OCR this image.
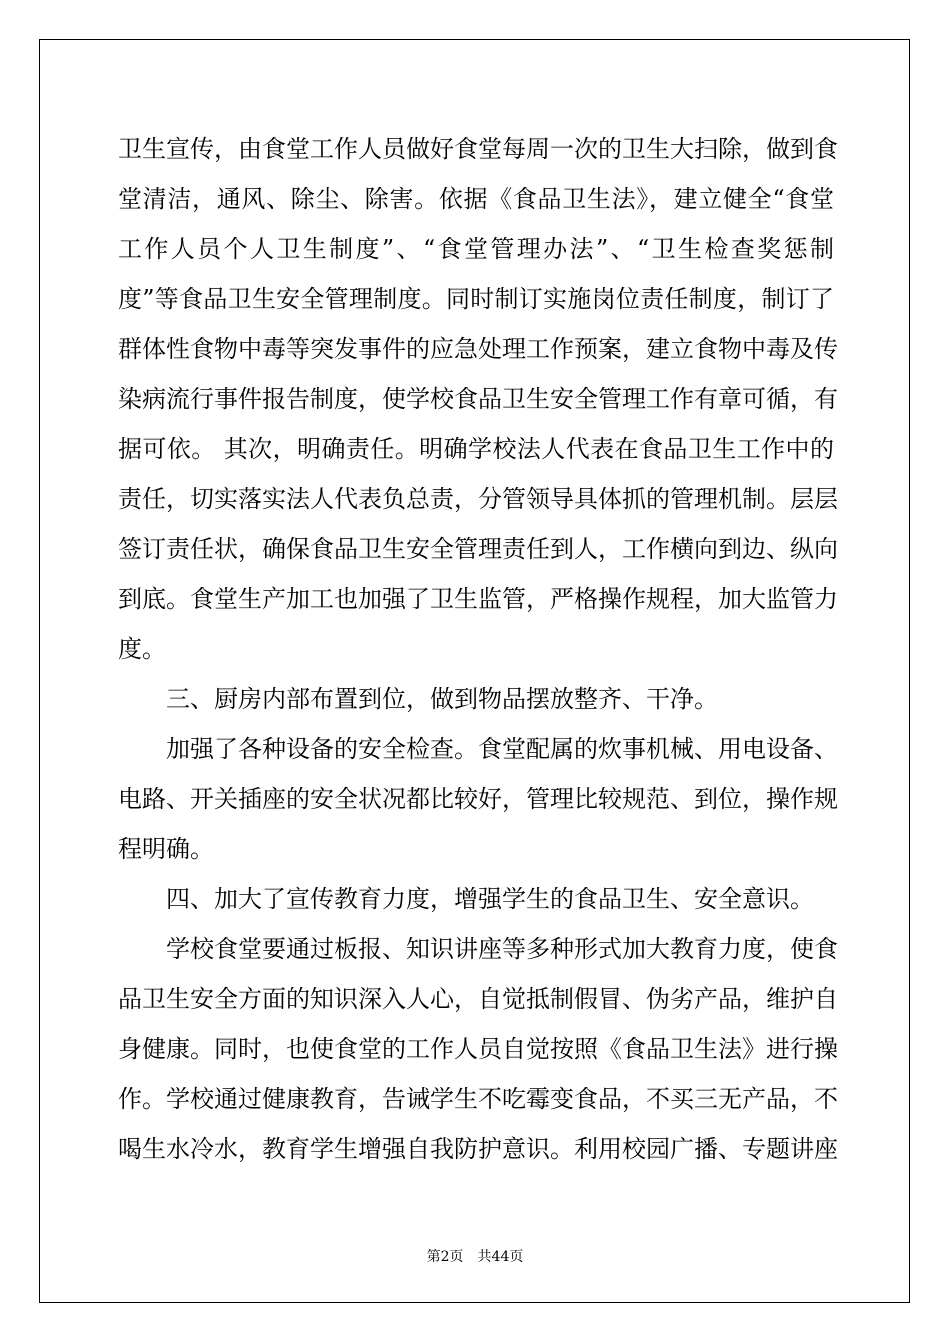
卫生宣传，由食堂工作人员做好食堂每周一次的卫生大扫除，做到食
堂清洁，通风、除尘、除害。依据《食品卫生法》，建立健全“食堂
工作人员个人卫生制度”、“食堂管理办法”、“卫生检查奖惩制
度”等食品卫生安全管理制度。同时制订实施岗位责任制度，制订了
群体性食物中毒等突发事件的应急处理工作预案，建立食物中毒及传
染病流行事件报告制度，使学校食品卫生安全管理工作有章可循，有
据可依。 其次，明确责任。明确学校法人代表在食品卫生工作中的
责任，切实落实法人代表负总责，分管领导具体抓的管理机制。层层
签订责任状，确保食品卫生安全管理责任到人，工作横向到边、纵向
到底。食堂生产加工也加强了卫生监管，严格操作规程，加大监管力
度。
三、厨房内部布置到位，做到物品摆放整齐、干净。
加强了各种设备的安全检查。食堂配属的炊事机械、用电设备、
电路、开关插座的安全状况都比较好，管理比较规范、到位，操作规
程明确。
四、加大了宣传教育力度，增强学生的食品卫生、安全意识。
学校食堂要通过板报、知识讲座等多种形式加大教育力度，使食
品卫生安全方面的知识深入人心，自觉抵制假冒、伪劣产品，维护自
身健康。同时，也使食堂的工作人员自觉按照《食品卫生法》进行操
作。学校通过健康教育，告诫学生不吃霉变食品，不买三无产品，不
喝生水冷水，教育学生增强自我防护意识。利用校园广播、专题讲座
第2页 共44页
